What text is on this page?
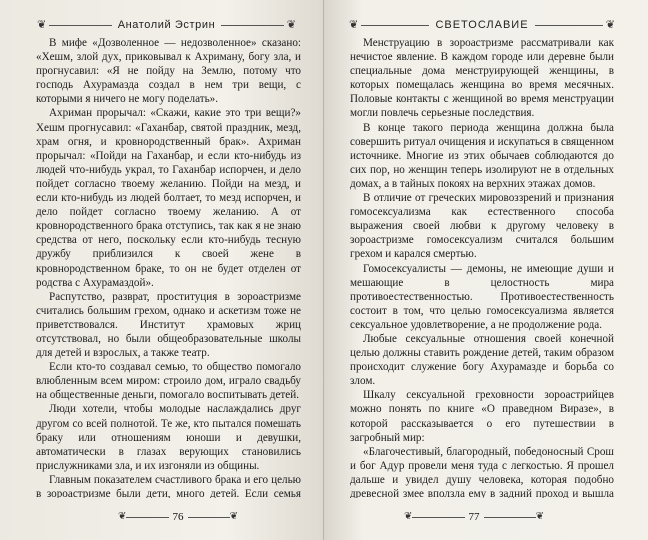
❦	Анатолий Эстрин	❦

В мифе «Дозволенное — недозволенное» сказано: «Хешм, злой дух, приковывал к Ахриману, богу зла, и прогнусавил: «Я не пойду на Землю, потому что господь Ахурамазда создал в нем три вещи, с которыми я ничего не могу поделать».

Ахриман прорычал: «Скажи, какие это три вещи?» Хешм прогнусавил: «Гаханбар, святой праздник, мезд, храм огня, и кровнородственный брак». Ахриман прорычал: «Пойди на Гаханбар, и если кто-нибудь из людей что-нибудь украл, то Гаханбар испорчен, и дело пойдет согласно твоему желанию. Пойди на мезд, и если кто-нибудь из людей болтает, то мезд испорчен, и дело пойдет согласно твоему желанию. А от кровнородственного брака отступись, так как я не знаю средства от него, поскольку если кто-нибудь тесную дружбу приблизился к своей жене в кровнородственном браке, то он не будет отделен от родства с Ахурамаздой».

Распутство, разврат, проституция в зороастризме считались большим грехом, однако и аскетизм тоже не приветствовался. Институт храмовых жриц отсутствовал, но были общеобразовательные школы для детей и взрослых, а также театр.

Если кто-то создавал семью, то общество помогало влюбленным всем миром: строило дом, играло свадьбу на общественные деньги, помогало воспитывать детей.

Люди хотели, чтобы молодые наслаждались друг другом со всей полнотой. Те же, кто пытался помешать браку или отношениям юноши и девушки, автоматически в глазах верующих становились прислужниками зла, и их изгоняли из общины.

Главным показателем счастливого брака и его целью в зороастризме были дети, много детей. Если семья

❦	76	❦
❦	СВЕТОСЛАВИЕ	❦

Менструацию в зороастризме рассматривали как нечистое явление. В каждом городе или деревне были специальные дома менструирующей женщины, в которых помещалась женщина во время месячных. Половые контакты с женщиной во время менструации могли повлечь серьезные последствия.

В конце такого периода женщина должна была совершить ритуал очищения и искупаться в священном источнике. Многие из этих обычаев соблюдаются до сих пор, но женщин теперь изолируют не в отдельных домах, а в тайных покоях на верхних этажах домов.

В отличие от греческих мировоззрений и признания гомосексуализма как естественного способа выражения своей любви к другому человеку в зороастризме гомосексуализм считался большим грехом и карался смертью.

Гомосексуалисты — демоны, не имеющие души и мешающие в целостность мира противоестественностью. Противоестественность состоит в том, что целью гомосексуализма является сексуальное удовлетворение, а не продолжение рода.

Любые сексуальные отношения своей конечной целью должны ставить рождение детей, таким образом происходит служение богу Ахурамазде и борьба со злом.

Шкалу сексуальной греховности зороастрийцев можно понять по книге «О праведном Виразе», в которой рассказывается о его путешествии в загробный мир:

«Благочестивый, благородный, победоносный Срош и бог Адур провели меня туда с легкостью. Я прошел дальше и увидел душу человека, которая подобно древесной змее вползла ему в задний проход и вышла

❦	77	❦
